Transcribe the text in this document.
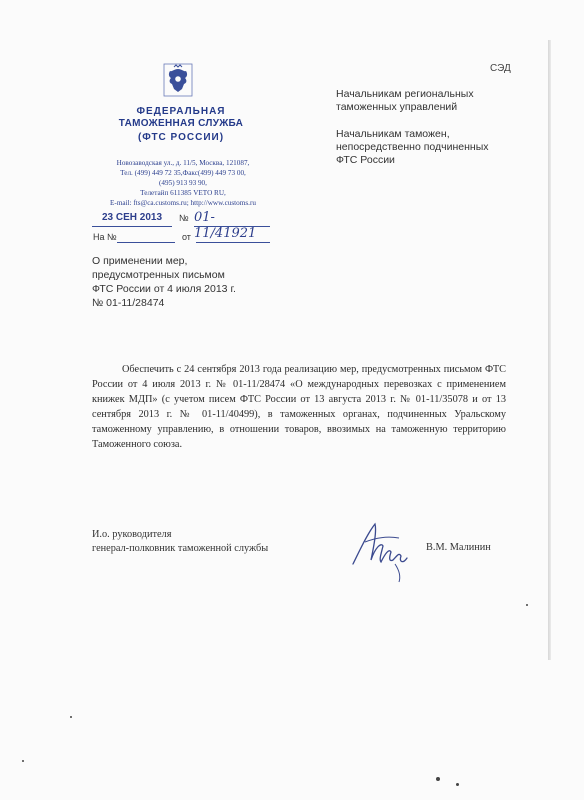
СЭД
ФЕДЕРАЛЬНАЯ
ТАМОЖЕННАЯ СЛУЖБА
(ФТС РОССИИ)
Новозаводская ул., д. 11/5, Москва, 121087,
Тел. (499) 449 72 35,Факс(499) 449 73 00,
(495) 913 93 90,
Телетайп 611385 VETO RU,
E-mail: fts@ca.customs.ru; http://www.customs.ru
23 СЕН 2013	№ 01-11/41921
На №	от
Начальникам региональных
таможенных управлений
Начальникам таможен,
непосредственно подчиненных
ФТС России
О применении мер,
предусмотренных письмом
ФТС России от 4 июля 2013 г.
№ 01-11/28474
Обеспечить с 24 сентября 2013 года реализацию мер, предусмотренных письмом ФТС России от 4 июля 2013 г. № 01-11/28474 «О международных перевозках с применением книжек МДП» (с учетом писем ФТС России от 13 августа 2013 г. № 01-11/35078 и от 13 сентября 2013 г. № 01-11/40499), в таможенных органах, подчиненных Уральскому таможенному управлению, в отношении товаров, ввозимых на таможенную территорию Таможенного союза.
И.о. руководителя
генерал-полковник таможенной службы	В.М. Малинин
